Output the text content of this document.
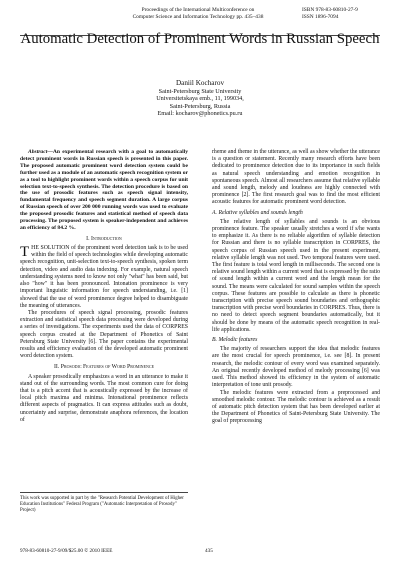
Proceedings of the International Multiconference on
Computer Science and Information Technology pp. 435–438
ISBN 978-83-60810-27-9
ISSN 1896-7094
Automatic Detection of Prominent Words in Russian Speech
Daniil Kocharov
Saint-Petersburg State University
Universitetskaya emb., 11, 199034,
Saint-Petersburg, Russia
Email: kocharov@phonetics.pu.ru

Abstract—An experimental research with a goal to automatically detect prominent words in Russian speech is presented in this paper. The proposed automatic prominent word detection system could be further used as a module of an automatic speech recognition system or as a tool to highlight prominent words within a speech corpus for unit selection text-to-speech synthesis. The detection procedure is based on the use of prosodic features such as speech signal intensity, fundamental frequency and speech segment duration. A large corpus of Russian speech of over 200 000 running words was used to evaluate the proposed prosodic features and statistical method of speech data processing. The proposed system is speaker-independent and achieves an efficiency of 84.2 %.

I. Introduction

THE SOLUTION of the prominent word detection task is to be used within the field of speech technologies while developing automatic speech recognition, unit-selection text-to-speech synthesis, spoken term detection, video and audio data indexing. For example, natural speech understanding systems need to know not only "what" has been said, but also "how" it has been pronounced. Intonation prominence is very important linguistic information for speech understanding, i.e. [1] showed that the use of word prominence degree helped to disambiguate the meaning of utterances.

The procedures of speech signal processing, prosodic features extraction and statistical speech data processing were developed during a series of investigations. The experiments used the data of CORPRES speech corpus created at the Department of Phonetics of Saint Petersburg State University [6]. The paper contains the experimental results and efficiency evaluation of the developed automatic prominent word detection system.

II. Prosodic Features of Word Prominence

A speaker prosodically emphasizes a word in an utterance to make it stand out of the surrounding words. The most common cure for doing that is a pitch accent that is acoustically expressed by the increase of local pitch maxima and minima. Intonational prominence reflects different aspects of pragmatics. It can express attitudes such as doubt, uncertainty and surprise, demonstrate anaphora references, the location of

This work was supported in part by the "Research Potential Development of Higher Education Institutions" Federal Program ("Automatic Interpretation of Prosody" Project)

rheme and theme in the utterance, as well as show whether the utterance is a question or statement. Recently many research efforts have been dedicated to prominence detection due to its importance in such fields as natural speech understanding and emotion recognition in spontaneous speech. Almost all researchers assume that relative syllable and sound length, melody and loudness are highly connected with prominence [2]. The first research goal was to find the most efficient acoustic features for automatic prominent word detection.

A. Relative syllables and sounds length

The relative length of syllables and sounds is an obvious prominence feature. The speaker usually stretches a word if s/he wants to emphasize it. As there is no reliable algorithm of syllable detection for Russian and there is no syllable transcription in CORPRES, the speech corpus of Russian speech used in the present experiment, relative syllable length was not used. Two temporal features were used. The first feature is total word length in milliseconds. The second one is relative sound length within a current word that is expressed by the ratio of sound length within a current word and the length mean for the sound. The means were calculated for sound samples within the speech corpus. These features are possible to calculate as there is phonetic transcription with precise speech sound boundaries and orthographic transcription with precise word boundaries in CORPRES. Thus, there is no need to detect speech segment boundaries automatically, but it should be done by means of the automatic speech recognition in real-life applications.

B. Melodic features

The majority of researchers support the idea that melodic features are the most crucial for speech prominence, i.e. see [8]. In present research, the melodic contour of every word was examined separately. An original recently developed method of melody processing [6] was used. This method showed its efficiency in the system of automatic interpretation of tone unit prosody.

The melodic features were extracted from a preprocessed and smoothed melodic contour. The melodic contour is achieved as a result of automatic pitch detection system that has been developed earlier at the Department of Phonetics of Saint-Petersburg State University. The goal of preprocessing

978-83-60810-27-9/09/$25.00 © 2010 IEEE	435
